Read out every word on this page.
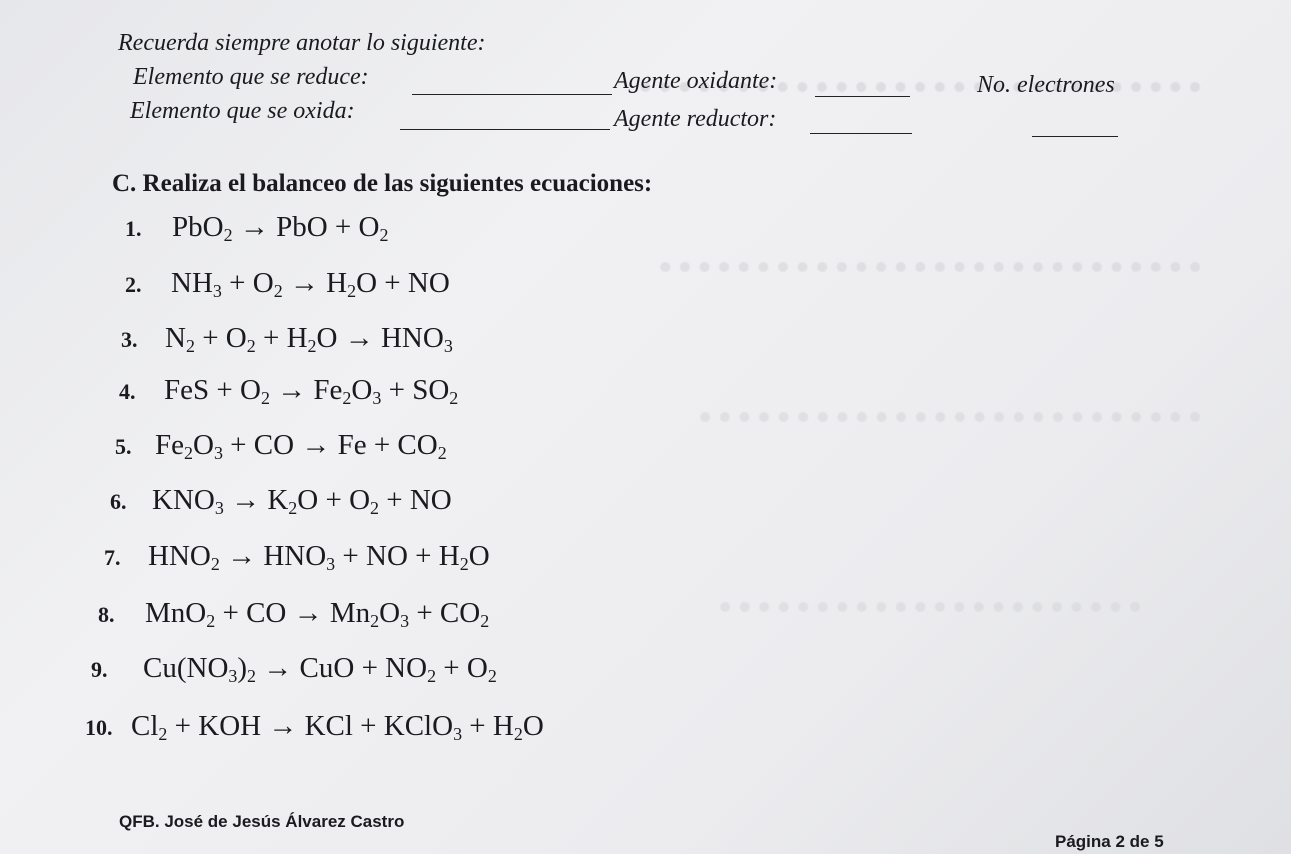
Recuerda siempre anotar lo siguiente:
Elemento que se reduce:	Agente oxidante:	No. electrones
Elemento que se oxida:	Agente reductor:
C. Realiza el balanceo de las siguientes ecuaciones:
1.	PbO$_2$ → PbO + $O_2$
2.	$NH_3 + O_2 \to H_2O$ + NO
3. $N_2 + O_2 + H_2O \to HNO_3$
4. FeS + $O_2 \to Fe_2O_3 + SO_2$
5. $Fe_2O_3$ + CO → $Fe + CO_2$
6. $KNO_3 \to K_2O + O_2$ + NO
7. $HNO_2 \to HNO_3$ + NO + $H_2O$
8.	MnO$_2$ + CO → $Mn_2O_3 + CO_2$
9.	$Cu(NO_3)_2$ → CuO + $NO_2 + O_2$
10. $Cl_2$ + KOH → KCl + KClO$_3$ + $H_2O$
QFB. José de Jesús Álvarez Castro
Página 2 de 5
